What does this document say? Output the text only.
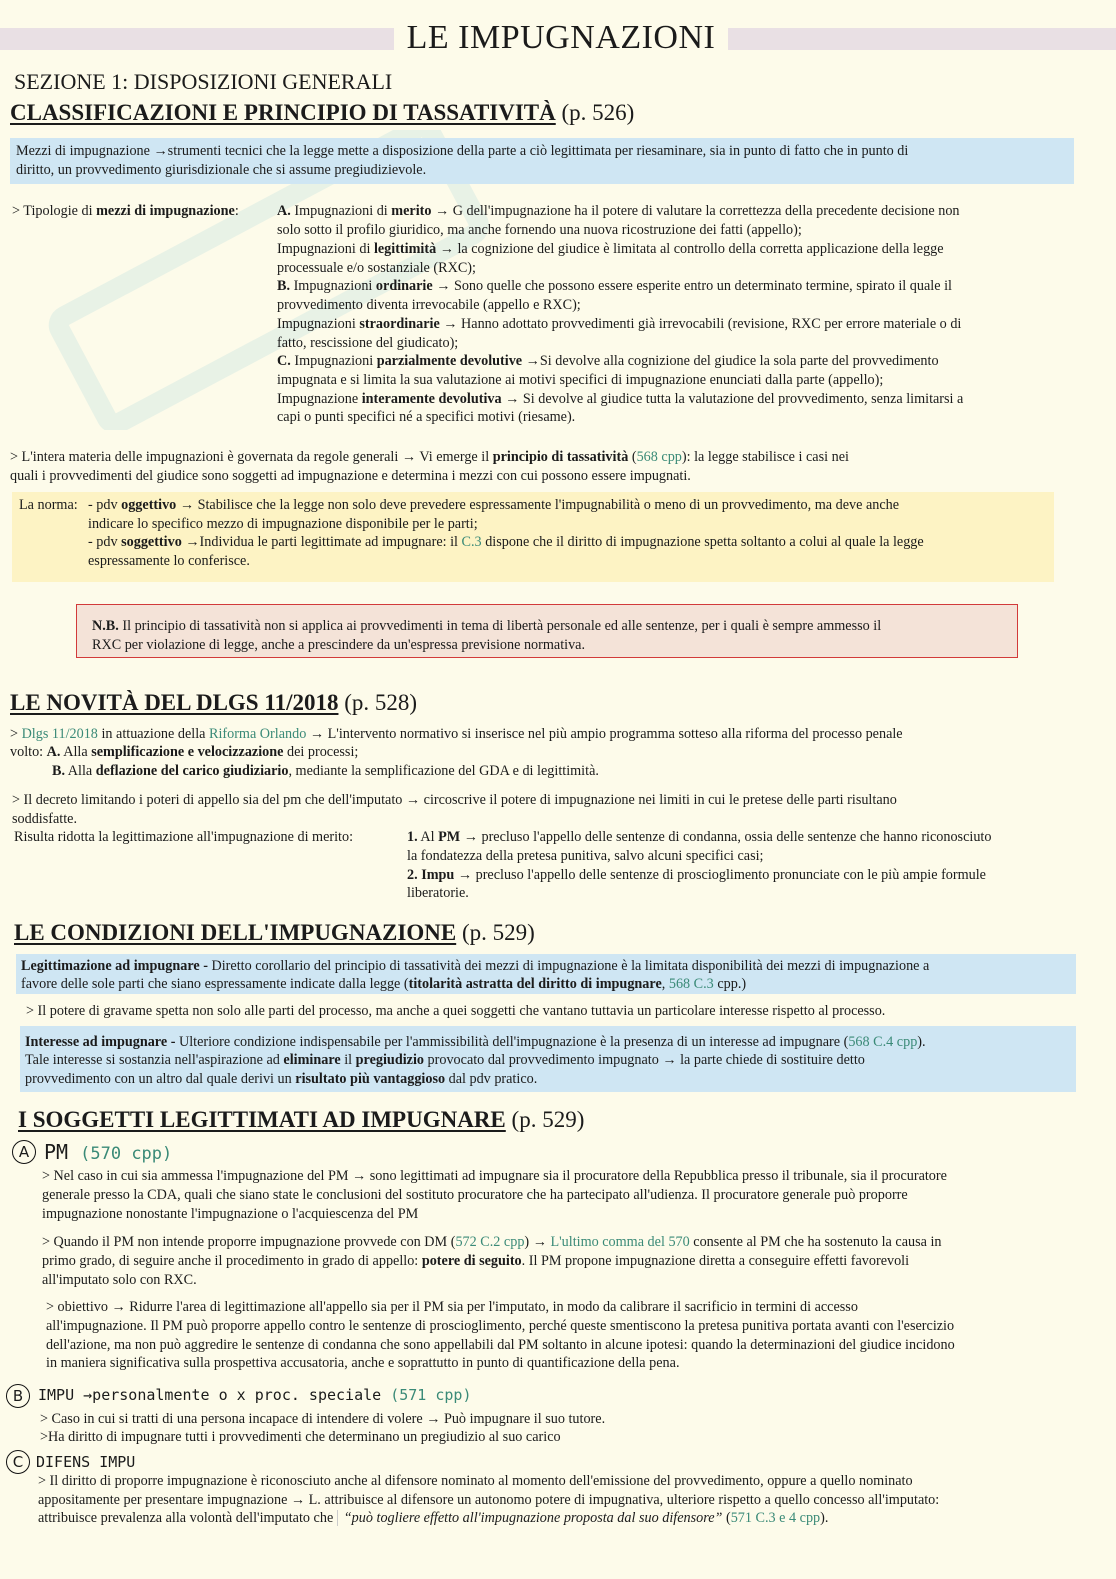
LE IMPUGNAZIONI
SEZIONE 1: DISPOSIZIONI GENERALI
CLASSIFICAZIONI E PRINCIPIO DI TASSATIVITÀ (p. 526)
Mezzi di impugnazione →strumenti tecnici che la legge mette a disposizione della parte a ciò legittimata per riesaminare, sia in punto di fatto che in punto di
diritto, un provvedimento giurisdizionale che si assume pregiudizievole.
> Tipologie di mezzi di impugnazione:	A. Impugnazioni di merito → G dell'impugnazione ha il potere di valutare la correttezza della precedente decisione non
solo sotto il profilo giuridico, ma anche fornendo una nuova ricostruzione dei fatti (appello);
Impugnazioni di legittimità → la cognizione del giudice è limitata al controllo della corretta applicazione della legge
processuale e/o sostanziale (RXC);
B. Impugnazioni ordinarie → Sono quelle che possono essere esperite entro un determinato termine, spirato il quale il
provvedimento diventa irrevocabile (appello e RXC);
Impugnazioni straordinarie → Hanno adottato provvedimenti già irrevocabili (revisione, RXC per errore materiale o di
fatto, rescissione del giudicato);
C. Impugnazioni parzialmente devolutive →Si devolve alla cognizione del giudice la sola parte del provvedimento
impugnata e si limita la sua valutazione ai motivi specifici di impugnazione enunciati dalla parte (appello);
Impugnazione interamente devolutiva → Si devolve al giudice tutta la valutazione del provvedimento, senza limitarsi a
capi o punti specifici né a specifici motivi (riesame).
> L'intera materia delle impugnazioni è governata da regole generali → Vi emerge il principio di tassatività (568 cpp): la legge stabilisce i casi nei
quali i provvedimenti del giudice sono soggetti ad impugnazione e determina i mezzi con cui possono essere impugnati.
La norma: - pdv oggettivo → Stabilisce che la legge non solo deve prevedere espressamente l'impugnabilità o meno di un provvedimento, ma deve anche
indicare lo specifico mezzo di impugnazione disponibile per le parti;
- pdv soggettivo →Individua le parti legittimate ad impugnare: il C.3 dispone che il diritto di impugnazione spetta soltanto a colui al quale la legge
espressamente lo conferisce.
N.B. Il principio di tassatività non si applica ai provvedimenti in tema di libertà personale ed alle sentenze, per i quali è sempre ammesso il
RXC per violazione di legge, anche a prescindere da un'espressa previsione normativa.
LE NOVITÀ DEL DLGS 11/2018 (p. 528)
> Dlgs 11/2018 in attuazione della Riforma Orlando → L'intervento normativo si inserisce nel più ampio programma sotteso alla riforma del processo penale
volto: A. Alla semplificazione e velocizzazione dei processi;
B. Alla deflazione del carico giudiziario, mediante la semplificazione del GDA e di legittimità.
> Il decreto limitando i poteri di appello sia del pm che dell'imputato → circoscrive il potere di impugnazione nei limiti in cui le pretese delle parti risultano
soddisfatte.
Risulta ridotta la legittimazione all'impugnazione di merito:	1. Al PM → precluso l'appello delle sentenze di condanna, ossia delle sentenze che hanno riconosciuto
la fondatezza della pretesa punitiva, salvo alcuni specifici casi;
2. Impu → precluso l'appello delle sentenze di proscioglimento pronunciate con le più ampie formule
liberatorie.
LE CONDIZIONI DELL'IMPUGNAZIONE (p. 529)
Legittimazione ad impugnare - Diretto corollario del principio di tassatività dei mezzi di impugnazione è la limitata disponibilità dei mezzi di impugnazione a
favore delle sole parti che siano espressamente indicate dalla legge (titolarità astratta del diritto di impugnare, 568 C.3 cpp.)
> Il potere di gravame spetta non solo alle parti del processo, ma anche a quei soggetti che vantano tuttavia un particolare interesse rispetto al processo.
Interesse ad impugnare - Ulteriore condizione indispensabile per l'ammissibilità dell'impugnazione è la presenza di un interesse ad impugnare (568 C.4 cpp).
Tale interesse si sostanzia nell'aspirazione ad eliminare il pregiudizio provocato dal provvedimento impugnato → la parte chiede di sostituire detto
provvedimento con un altro dal quale derivi un risultato più vantaggioso dal pdv pratico.
I SOGGETTI LEGITTIMATI AD IMPUGNARE (p. 529)
A PM (570 cpp)
> Nel caso in cui sia ammessa l'impugnazione del PM → sono legittimati ad impugnare sia il procuratore della Repubblica presso il tribunale, sia il procuratore
generale presso la CDA, quali che siano state le conclusioni del sostituto procuratore che ha partecipato all'udienza. Il procuratore generale può proporre
impugnazione nonostante l'impugnazione o l'acquiescenza del PM
> Quando il PM non intende proporre impugnazione provvede con DM (572 C.2 cpp) → L'ultimo comma del 570 consente al PM che ha sostenuto la causa in
primo grado, di seguire anche il procedimento in grado di appello: potere di seguito. Il PM propone impugnazione diretta a conseguire effetti favorevoli
all'imputato solo con RXC.
> obiettivo → Ridurre l'area di legittimazione all'appello sia per il PM sia per l'imputato, in modo da calibrare il sacrificio in termini di accesso
all'impugnazione. Il PM può proporre appello contro le sentenze di proscioglimento, perché queste smentiscono la pretesa punitiva portata avanti con l'esercizio
dell'azione, ma non può aggredire le sentenze di condanna che sono appellabili dal PM soltanto in alcune ipotesi: quando la determinazioni del giudice incidono
in maniera significativa sulla prospettiva accusatoria, anche e soprattutto in punto di quantificazione della pena.
B IMPU →personalmente o x proc. speciale (571 cpp)
> Caso in cui si tratti di una persona incapace di intendere di volere → Può impugnare il suo tutore.
>Ha diritto di impugnare tutti i provvedimenti che determinano un pregiudizio al suo carico
C DIFENS IMPU
> Il diritto di proporre impugnazione è riconosciuto anche al difensore nominato al momento dell'emissione del provvedimento, oppure a quello nominato
appositamente per presentare impugnazione → L. attribuisce al difensore un autonomo potere di impugnativa, ulteriore rispetto a quello concesso all'imputato:
attribuisce prevalenza alla volontà dell'imputato che “può togliere effetto all'impugnazione proposta dal suo difensore” (571 C.3 e 4 cpp).
